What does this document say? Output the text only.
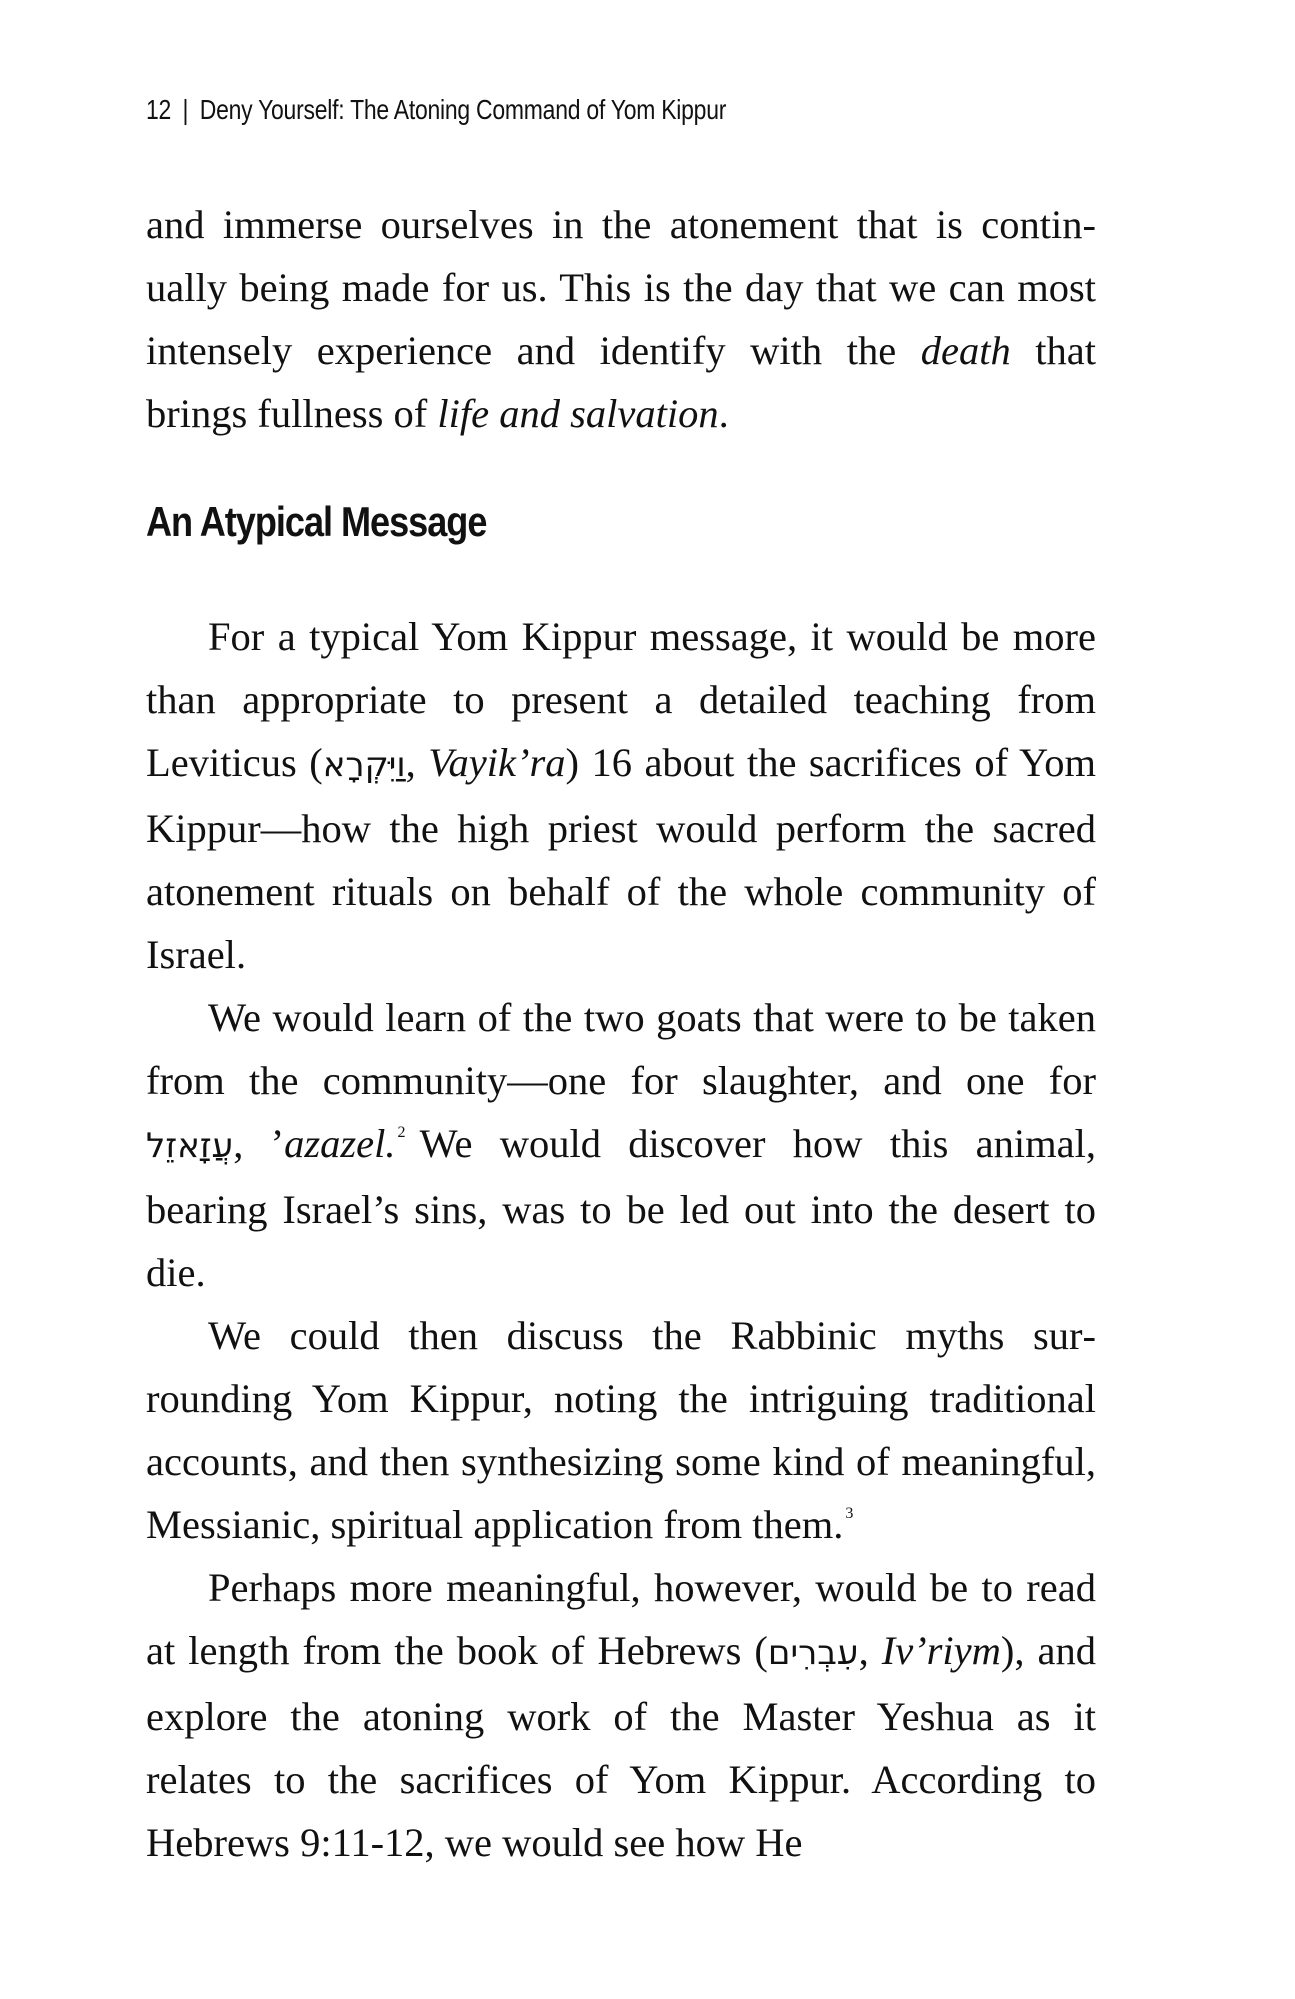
12 | Deny Yourself: The Atoning Command of Yom Kippur

and immerse ourselves in the atonement that is continually being made for us. This is the day that we can most intensely experience and identify with the death that brings fullness of life and salvation.

An Atypical Message

For a typical Yom Kippur message, it would be more than appropriate to present a detailed teaching from Leviticus (וַיִּקְרָא, Vayik’ra) 16 about the sacrifices of Yom Kippur—how the high priest would perform the sacred atonement rituals on behalf of the whole community of Israel.

We would learn of the two goats that were to be taken from the community—one for slaughter, and one for עֲזָאזֵל, ’azazel. $^2$ We would discover how this animal, bearing Israel’s sins, was to be led out into the desert to die.

We could then discuss the Rabbinic myths surrounding Yom Kippur, noting the intriguing traditional accounts, and then synthesizing some kind of meaningful, Messianic, spiritual application from them. $^3$

Perhaps more meaningful, however, would be to read at length from the book of Hebrews (עִבְרִים, Iv’riym), and explore the atoning work of the Master Yeshua as it relates to the sacrifices of Yom Kippur. According to Hebrews 9:11-12, we would see how He
